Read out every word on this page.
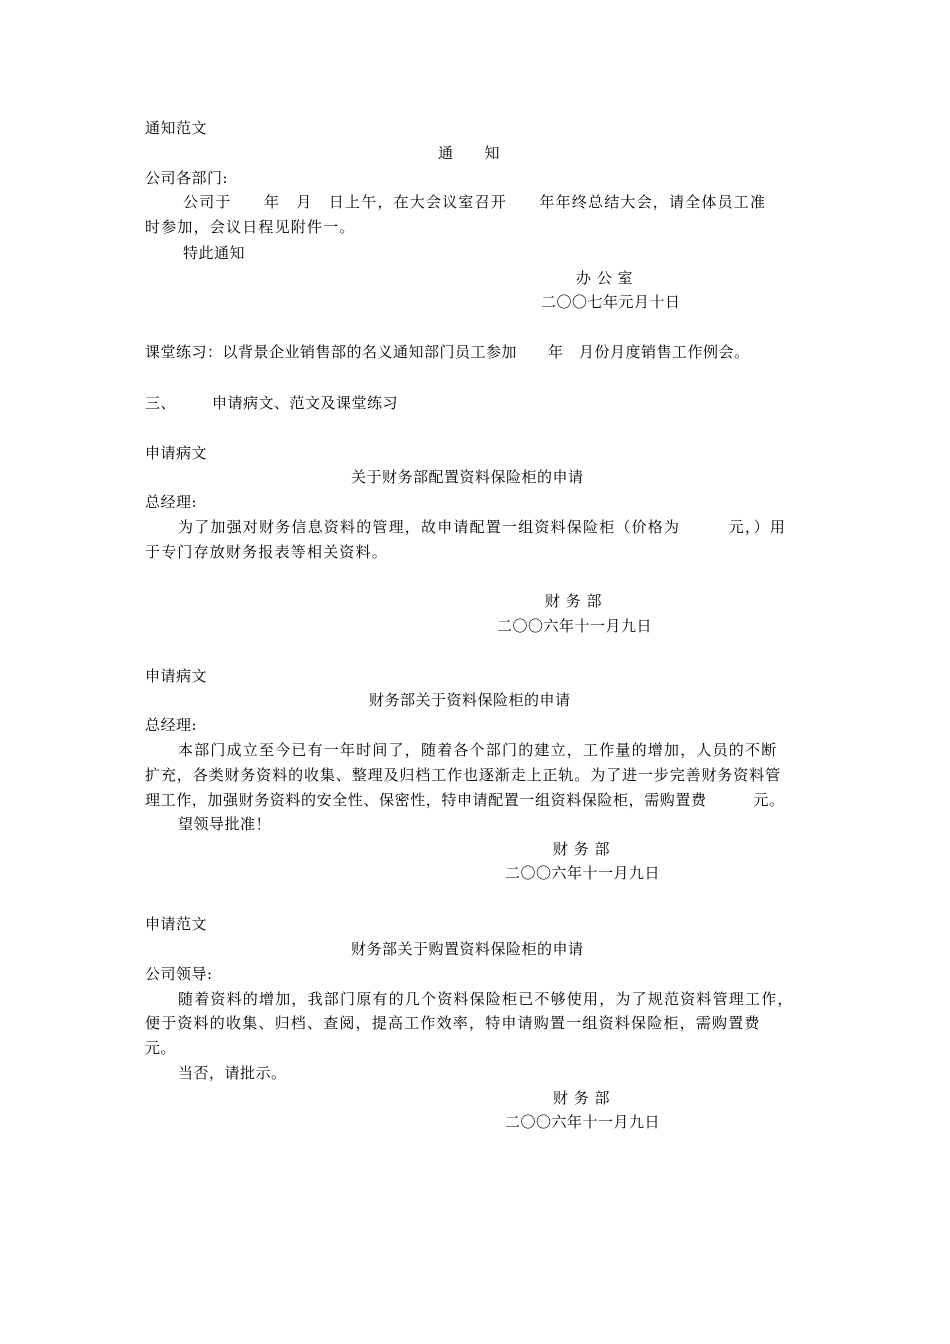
通知范文
通　　知
公司各部门:
公司于　　年　月　日上午，在大会议室召开　　年年终总结大会，请全体员工准
时参加，会议日程见附件一。
特此通知
办 公 室
二〇〇七年元月十日
课堂练习：以背景企业销售部的名义通知部门员工参加　　年　月份月度销售工作例会。
三、 申请病文、范文及课堂练习
申请病文
关于财务部配置资料保险柜的申请
总经理:
为了加强对财务信息资料的管理，故申请配置一组资料保险柜（价格为　　　元，）用
于专门存放财务报表等相关资料。
财 务 部
二〇〇六年十一月九日
申请病文
财务部关于资料保险柜的申请
总经理:
本部门成立至今已有一年时间了，随着各个部门的建立，工作量的增加，人员的不断
扩充，各类财务资料的收集、整理及归档工作也逐渐走上正轨。为了进一步完善财务资料管
理工作，加强财务资料的安全性、保密性，特申请配置一组资料保险柜，需购置费　　　元。
望领导批准！
财 务 部
二〇〇六年十一月九日
申请范文
财务部关于购置资料保险柜的申请
公司领导:
随着资料的增加，我部门原有的几个资料保险柜已不够使用，为了规范资料管理工作，
便于资料的收集、归档、查阅，提高工作效率，特申请购置一组资料保险柜，需购置费
元。
当否，请批示。
财 务 部
二〇〇六年十一月九日
